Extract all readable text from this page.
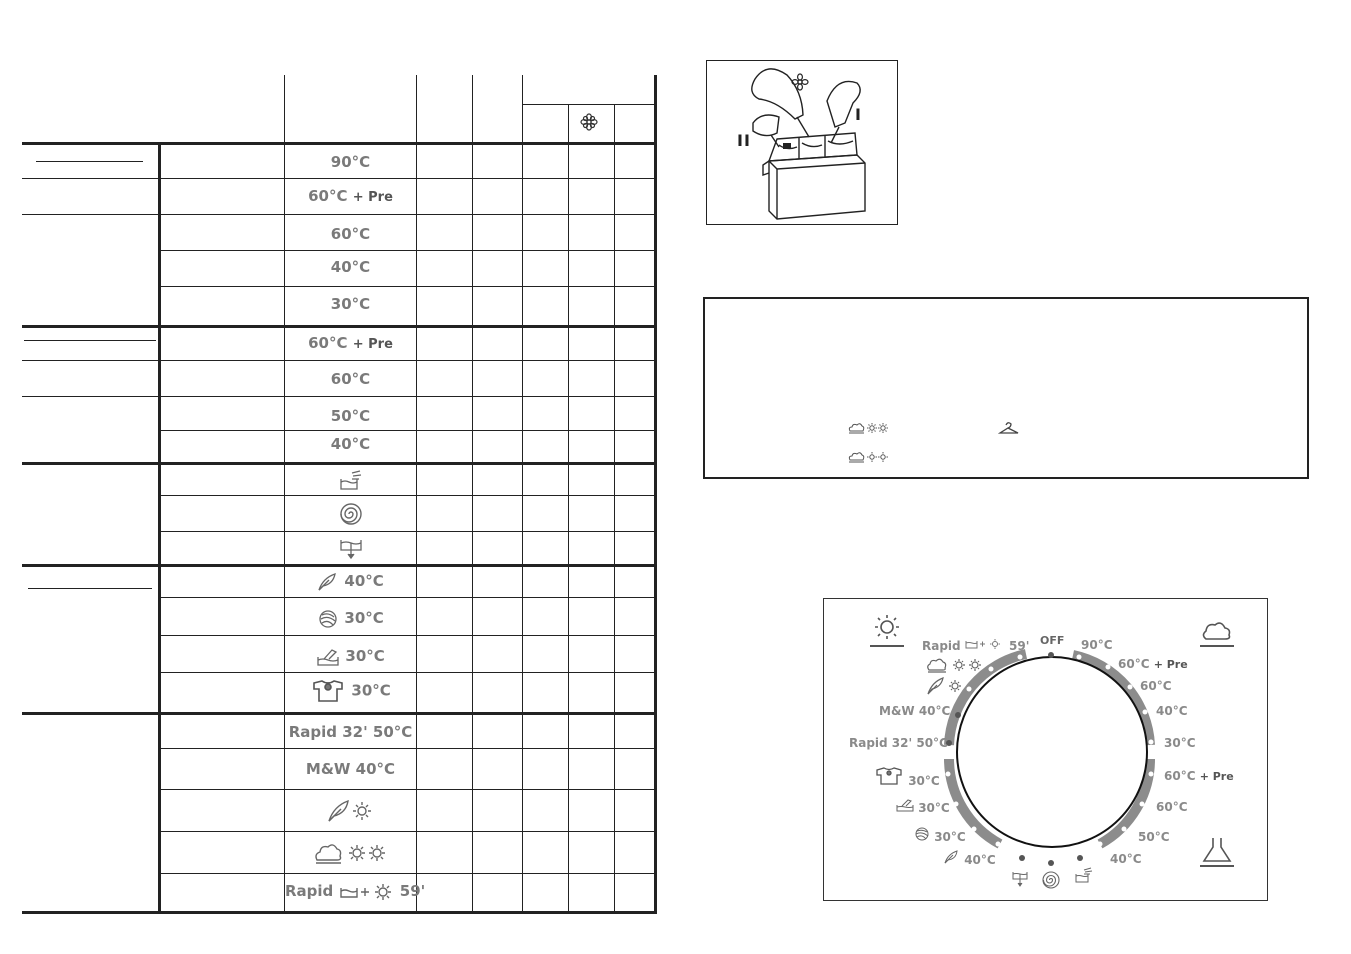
90°C
60°C + Pre
60°C
40°C
30°C
60°C + Pre
60°C
50°C
40°C
40°C
30°C
30°C
30°C
Rapid 32' 50°C
M&W 40°C
Rapid	59'
II
I
OFF 90°C
60°C + Pre
60°C
40°C
30°C
60°C + Pre
60°C
50°C
40°C
Rapid	59'
M&W 40°C
Rapid 32' 50°C
30°C
30°C
30°C
40°C
